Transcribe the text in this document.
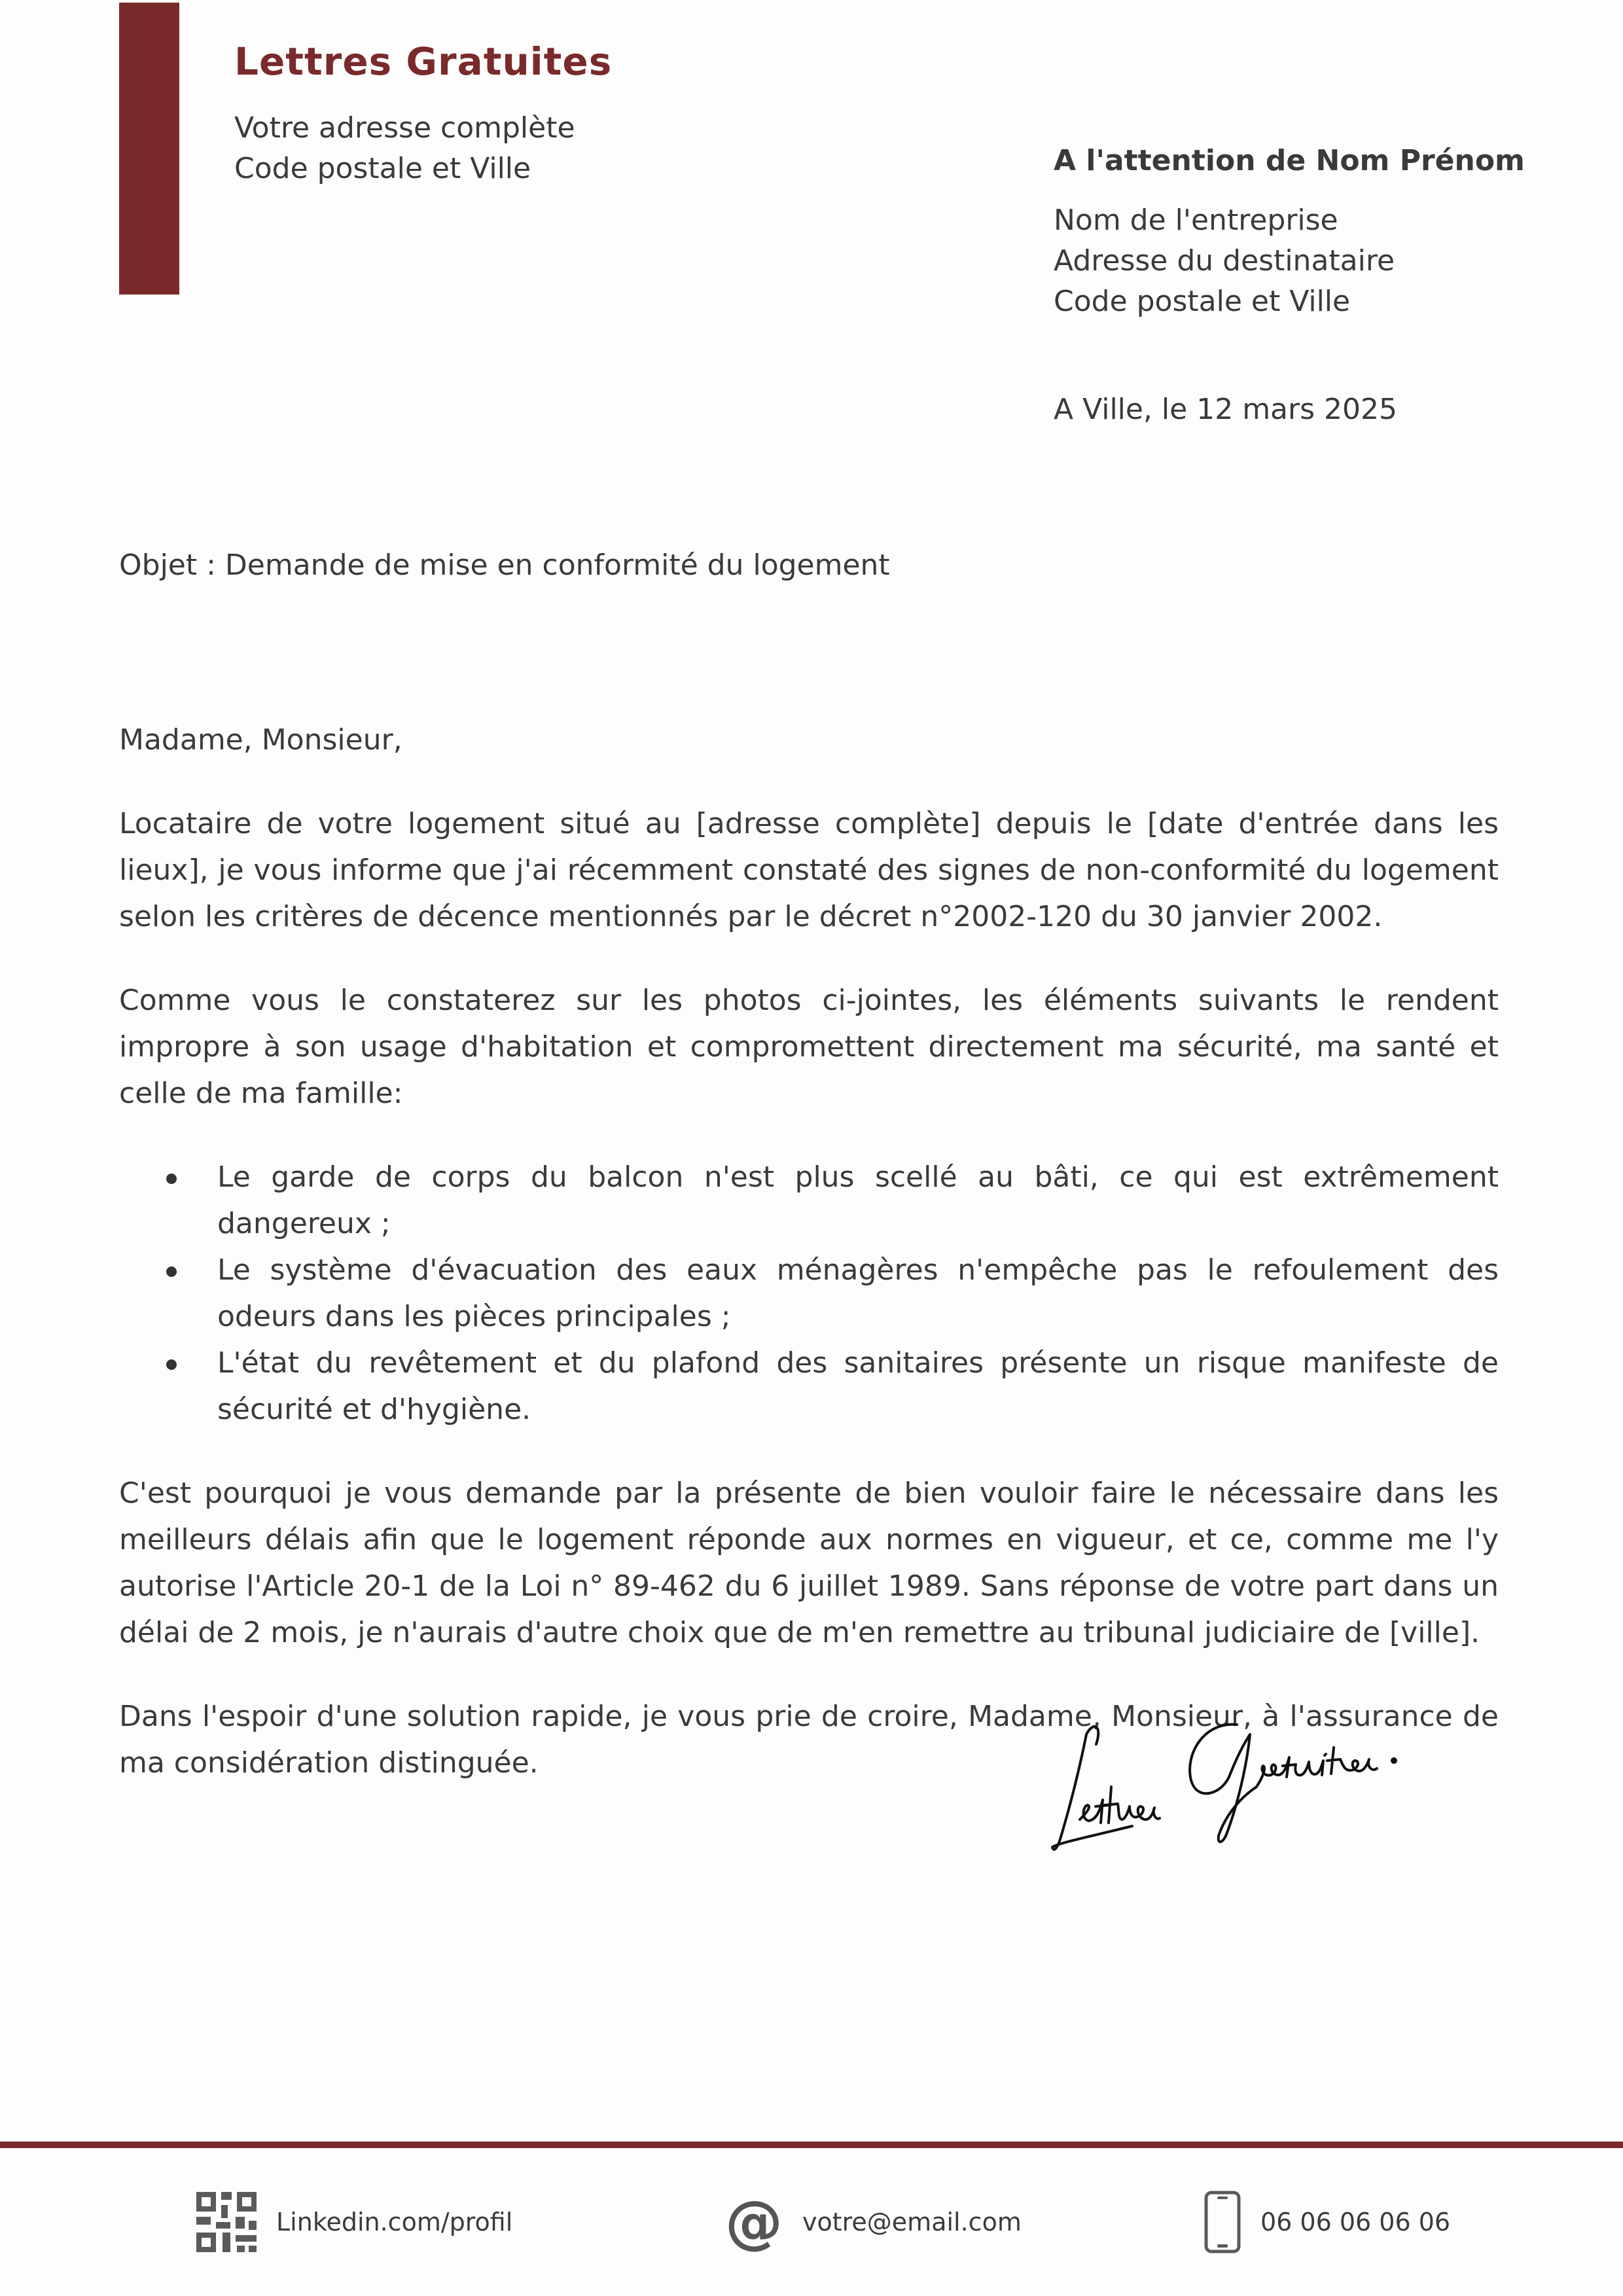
Lettres Gratuites
Votre adresse complète
Code postale et Ville	A l'attention de Nom Prénom
Nom de l'entreprise
Adresse du destinataire
Code postale et Ville
A Ville, le 12 mars 2025
Objet : Demande de mise en conformité du logement

Madame, Monsieur,

Locataire de votre logement situé au [adresse complète] depuis le [date d'entrée dans les lieux], je vous informe que j'ai récemment constaté des signes de non-conformité du logement selon les critères de décence mentionnés par le décret n°2002-120 du 30 janvier 2002.

Comme vous le constaterez sur les photos ci-jointes, les éléments suivants le rendent impropre à son usage d'habitation et compromettent directement ma sécurité, ma santé et celle de ma famille:

Le garde de corps du balcon n'est plus scellé au bâti, ce qui est extrêmement dangereux ;
Le système d'évacuation des eaux ménagères n'empêche pas le refoulement des odeurs dans les pièces principales ;
L'état du revêtement et du plafond des sanitaires présente un risque manifeste de sécurité et d'hygiène.

C'est pourquoi je vous demande par la présente de bien vouloir faire le nécessaire dans les meilleurs délais afin que le logement réponde aux normes en vigueur, et ce, comme me l'y autorise l'Article 20-1 de la Loi n° 89-462 du 6 juillet 1989. Sans réponse de votre part dans un délai de 2 mois, je n'aurais d'autre choix que de m'en remettre au tribunal judiciaire de [ville].

Dans l'espoir d'une solution rapide, je vous prie de croire, Madame, Monsieur, à l'assurance de ma considération distinguée.

Linkedin.com/profil	@ votre@email.com	06 06 06 06 06
